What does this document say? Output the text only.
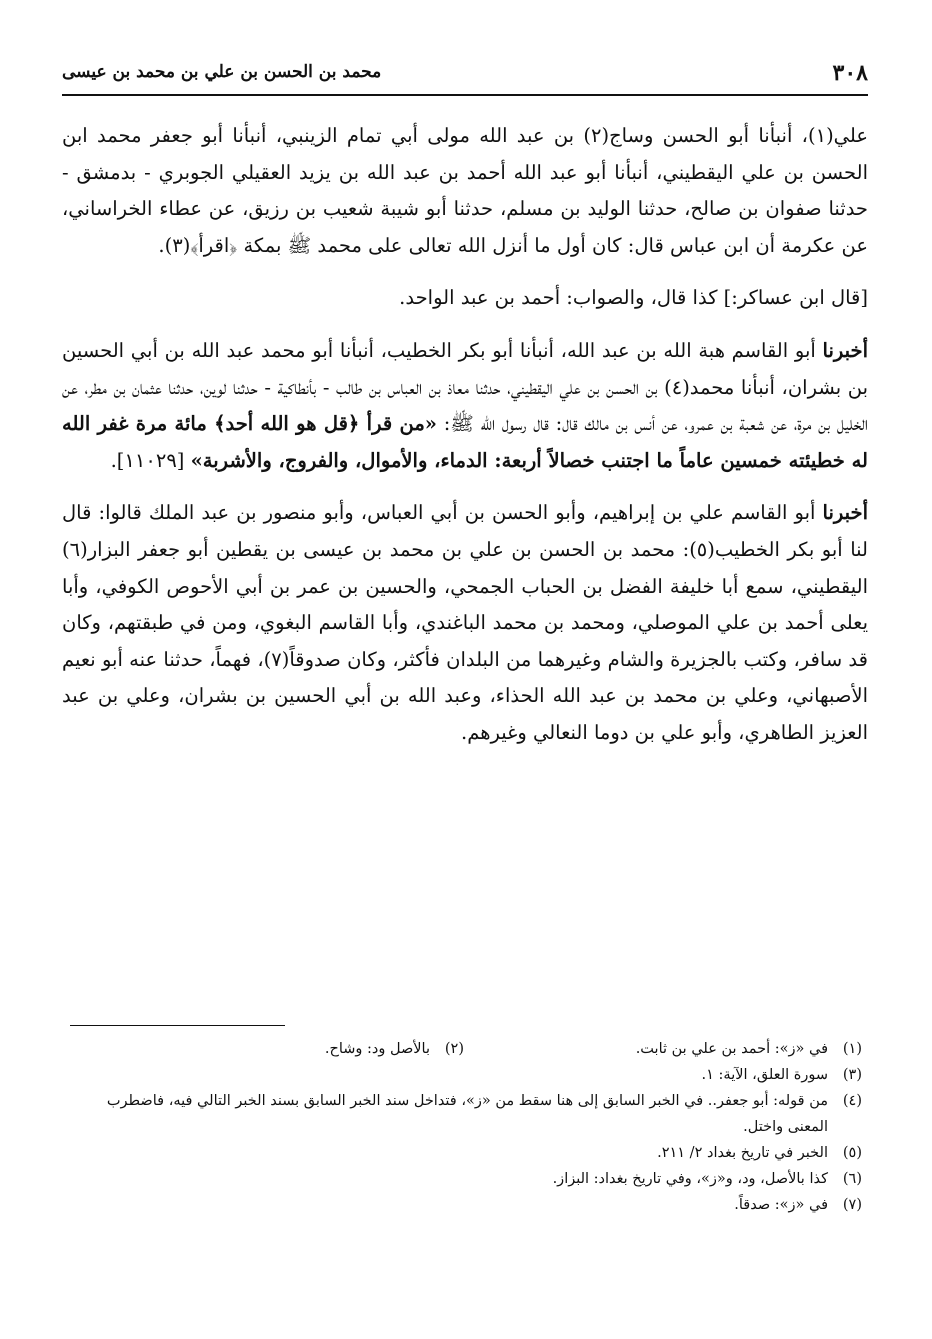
٣٠٨
محمد بن الحسن بن علي بن محمد بن عيسى

علي(١)، أنبأنا أبو الحسن وساج(٢) بن عبد الله مولى أبي تمام الزينبي، أنبأنا أبو جعفر محمد ابن الحسن بن علي اليقطيني، أنبأنا أبو عبد الله أحمد بن عبد الله بن يزيد العقيلي الجوبري - بدمشق - حدثنا صفوان بن صالح، حدثنا الوليد بن مسلم، حدثنا أبو شيبة شعيب بن رزيق، عن عطاء الخراساني، عن عكرمة أن ابن عباس قال: كان أول ما أنزل الله تعالى على محمد ﷺ بمكة ﴿اقرأ﴾(٣).

[قال ابن عساكر:] كذا قال، والصواب: أحمد بن عبد الواحد.

أخبرنا أبو القاسم هبة الله بن عبد الله، أنبأنا أبو بكر الخطيب، أنبأنا أبو محمد عبد الله بن أبي الحسين بن بشران، أنبأنا محمد(٤) بن الحسن بن علي اليقطيني، حدثنا معاذ بن العباس بن طالب - بأنطاكية - حدثنا لوين، حدثنا عثمان بن مطر، عن الخليل بن مرة، عن شعبة بن عمرو، عن أنس بن مالك قال: قال رسول الله ﷺ: «من قرأ ﴿قل هو الله أحد﴾ مائة مرة غفر الله له خطيئته خمسين عاماً ما اجتنب خصالاً أربعة: الدماء، والأموال، والفروج، والأشربة» [١١٠٢٩].

أخبرنا أبو القاسم علي بن إبراهيم، وأبو الحسن بن أبي العباس، وأبو منصور بن عبد الملك قالوا: قال لنا أبو بكر الخطيب(٥): محمد بن الحسن بن علي بن محمد بن عيسى بن يقطين أبو جعفر البزار(٦) اليقطيني، سمع أبا خليفة الفضل بن الحباب الجمحي، والحسين بن عمر بن أبي الأحوص الكوفي، وأبا يعلى أحمد بن علي الموصلي، ومحمد بن محمد الباغندي، وأبا القاسم البغوي، ومن في طبقتهم، وكان قد سافر، وكتب بالجزيرة والشام وغيرهما من البلدان فأكثر، وكان صدوقاً(٧)، فهماً، حدثنا عنه أبو نعيم الأصبهاني، وعلي بن محمد بن عبد الله الحذاء، وعبد الله بن أبي الحسين بن بشران، وعلي بن عبد العزيز الطاهري، وأبو علي بن دوما النعالي وغيرهم.

(١)
في «ز»: أحمد بن علي بن ثابت.
(٢)
بالأصل ود: وشاح.
(٣)
سورة العلق، الآية: ١.
(٤)
من قوله: أبو جعفر.. في الخبر السابق إلى هنا سقط من «ز»، فتداخل سند الخبر السابق بسند الخبر التالي فيه، فاضطرب المعنى واختل.
(٥)
الخبر في تاريخ بغداد ٢/ ٢١١.
(٦)
كذا بالأصل، ود، و«ز»، وفي تاريخ بغداد: البزاز.
(٧)
في «ز»: صدقاً.
